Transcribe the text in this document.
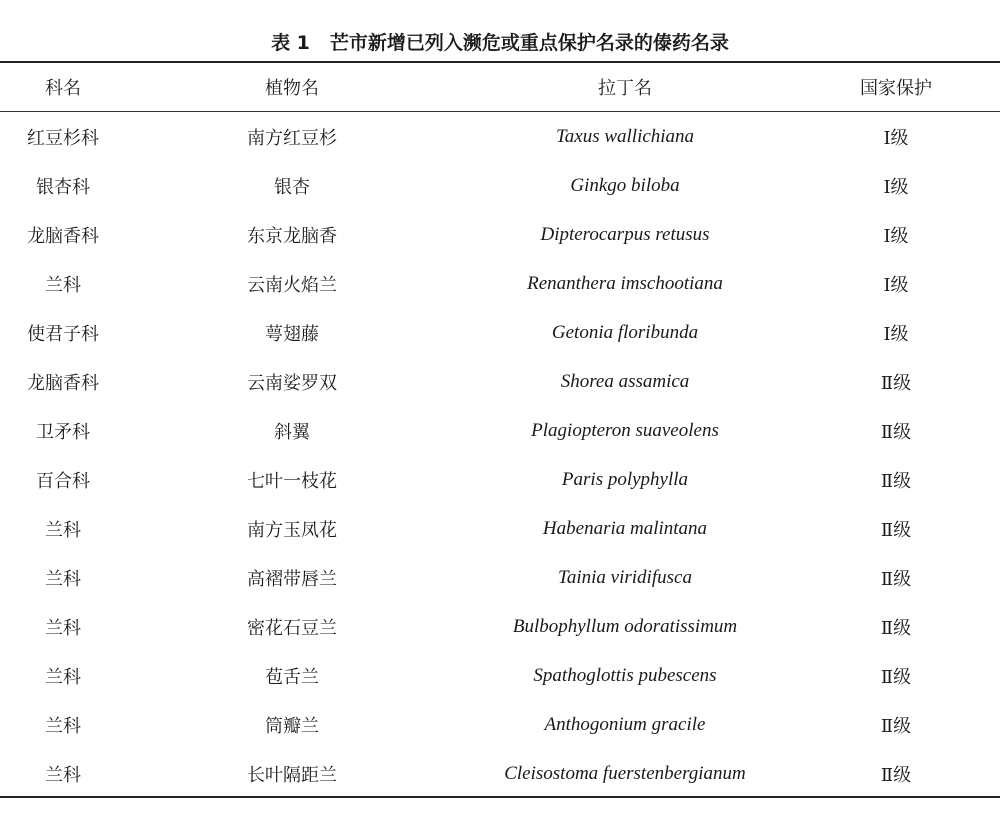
表 1 芒市新增已列入濒危或重点保护名录的傣药名录
科名	植物名	拉丁名	国家保护
红豆杉科	南方红豆杉	Taxus wallichiana	Ⅰ级
银杏科	银杏	Ginkgo biloba	Ⅰ级
龙脑香科	东京龙脑香	Dipterocarpus retusus	Ⅰ级
兰科	云南火焰兰	Renanthera imschootiana	Ⅰ级
使君子科	萼翅藤	Getonia floribunda	Ⅰ级
龙脑香科	云南娑罗双	Shorea assamica	Ⅱ级
卫矛科	斜翼	Plagiopteron suaveolens	Ⅱ级
百合科	七叶一枝花	Paris polyphylla	Ⅱ级
兰科	南方玉凤花	Habenaria malintana	Ⅱ级
兰科	高褶带唇兰	Tainia viridifusca	Ⅱ级
兰科	密花石豆兰	Bulbophyllum odoratissimum	Ⅱ级
兰科	苞舌兰	Spathoglottis pubescens	Ⅱ级
兰科	筒瓣兰	Anthogonium gracile	Ⅱ级
兰科	长叶隔距兰	Cleisostoma fuerstenbergianum	Ⅱ级
